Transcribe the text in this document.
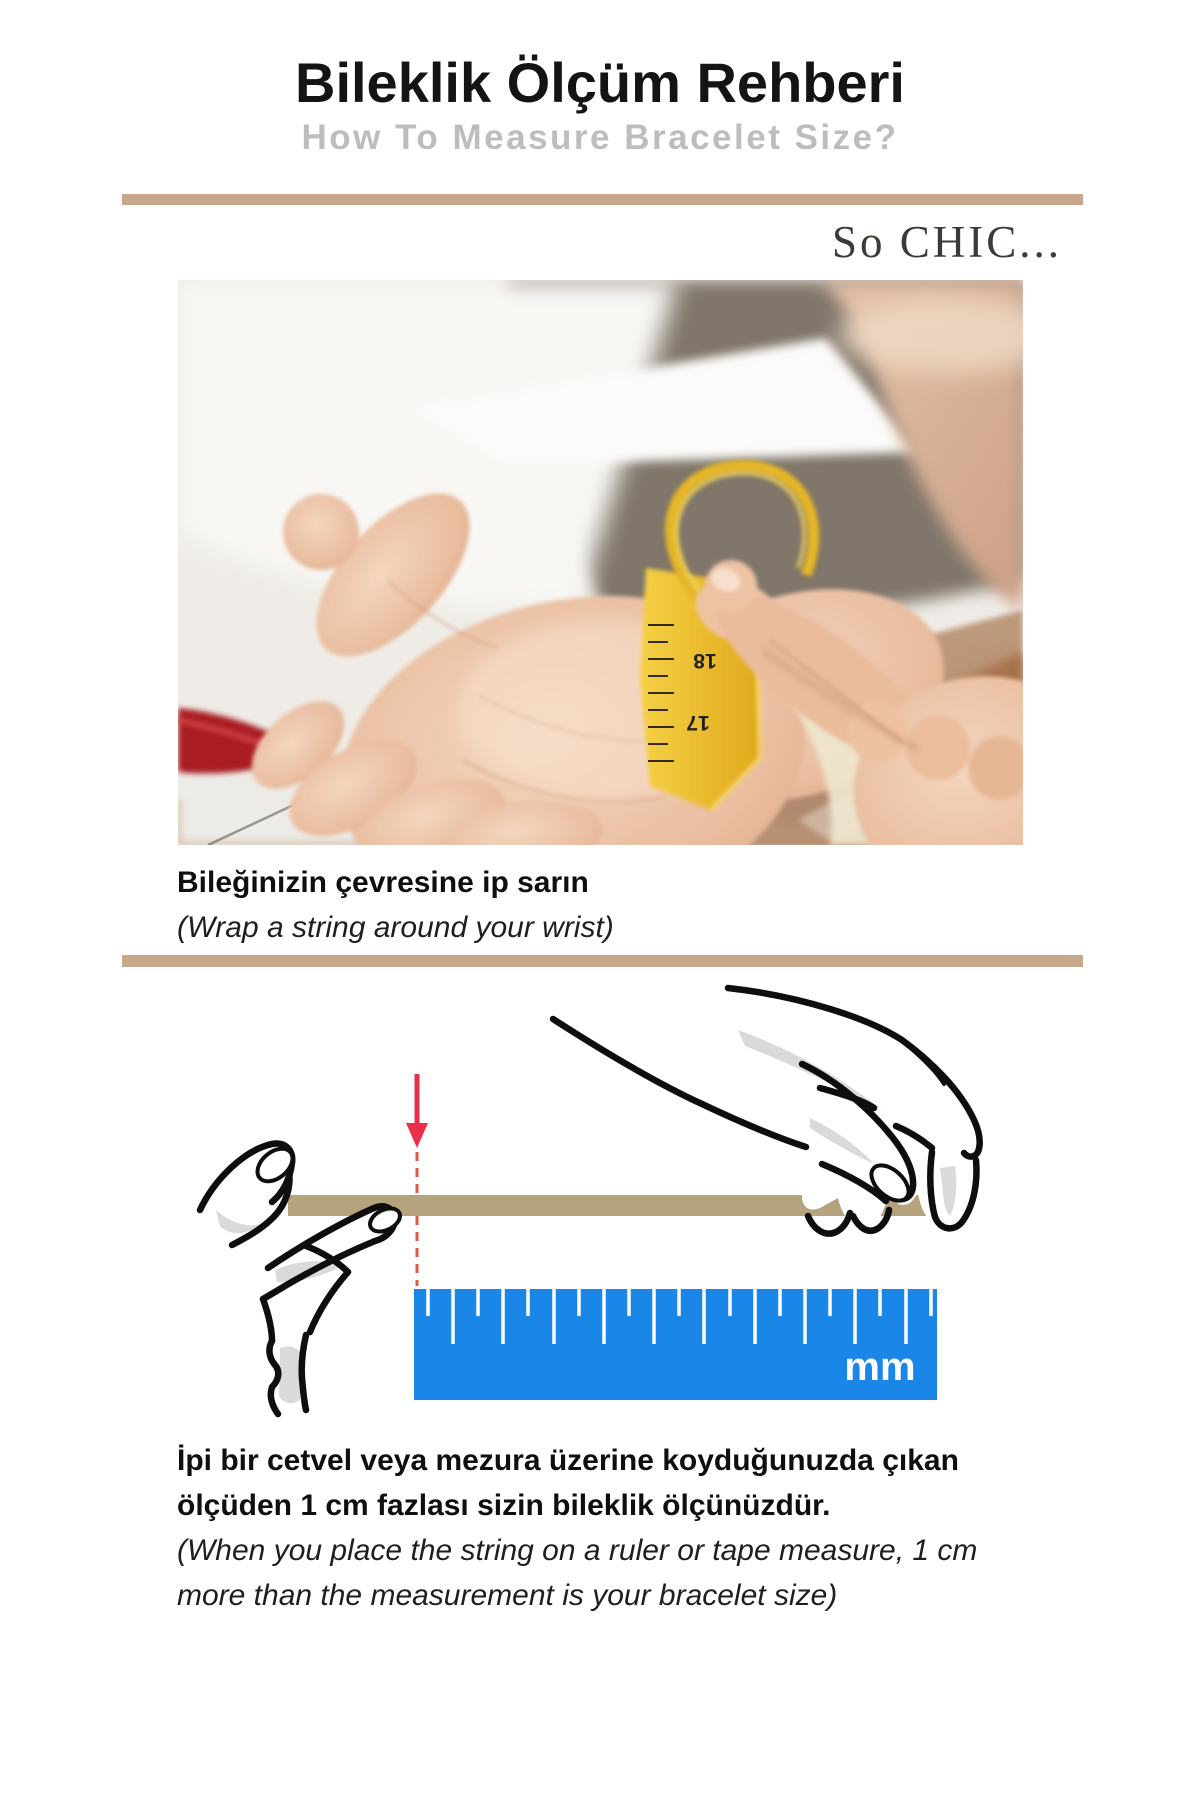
Bileklik Ölçüm Rehberi
How To Measure Bracelet Size?
So CHIC...
18
17
Bileğinizin çevresine ip sarın
(Wrap a string around your wrist)
mm
İpi bir cetvel veya mezura üzerine koyduğunuzda çıkan
ölçüden 1 cm fazlası sizin bileklik ölçünüzdür.
(When you place the string on a ruler or tape measure, 1 cm
more than the measurement is your bracelet size)
